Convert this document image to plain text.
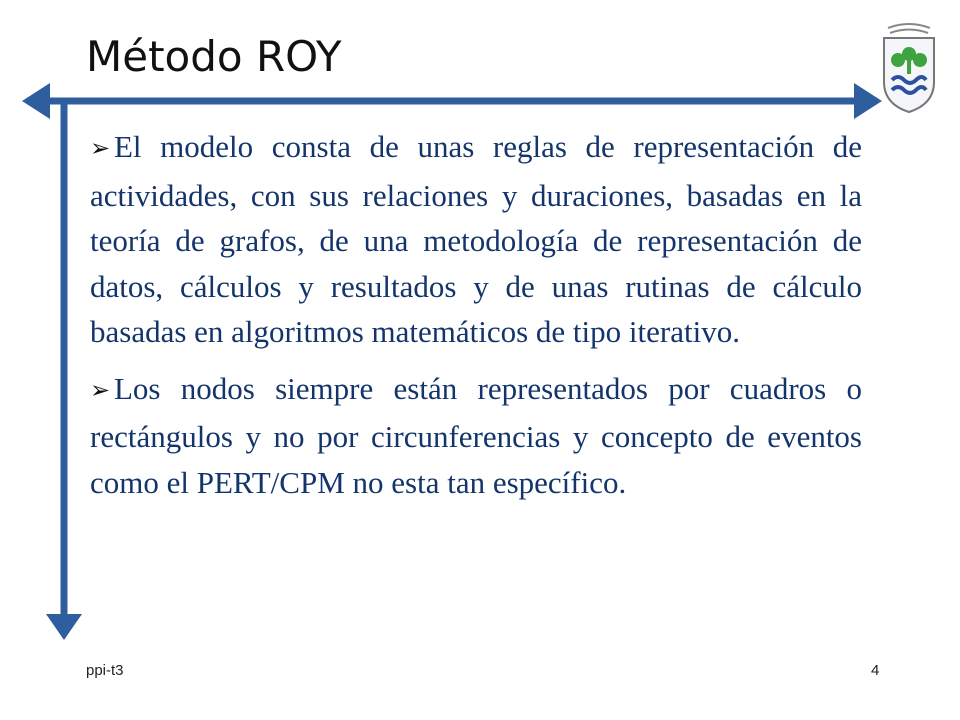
Método ROY

➢ El modelo consta de unas reglas de representación de actividades, con sus relaciones y duraciones, basadas en la teoría de grafos, de una metodología de representación de datos, cálculos y resultados y de unas rutinas de cálculo basadas en algoritmos matemáticos de tipo iterativo.

➢ Los nodos siempre están representados por cuadros o rectángulos y no por circunferencias y concepto de eventos como el PERT/CPM no esta tan específico.

ppi-t3	4
